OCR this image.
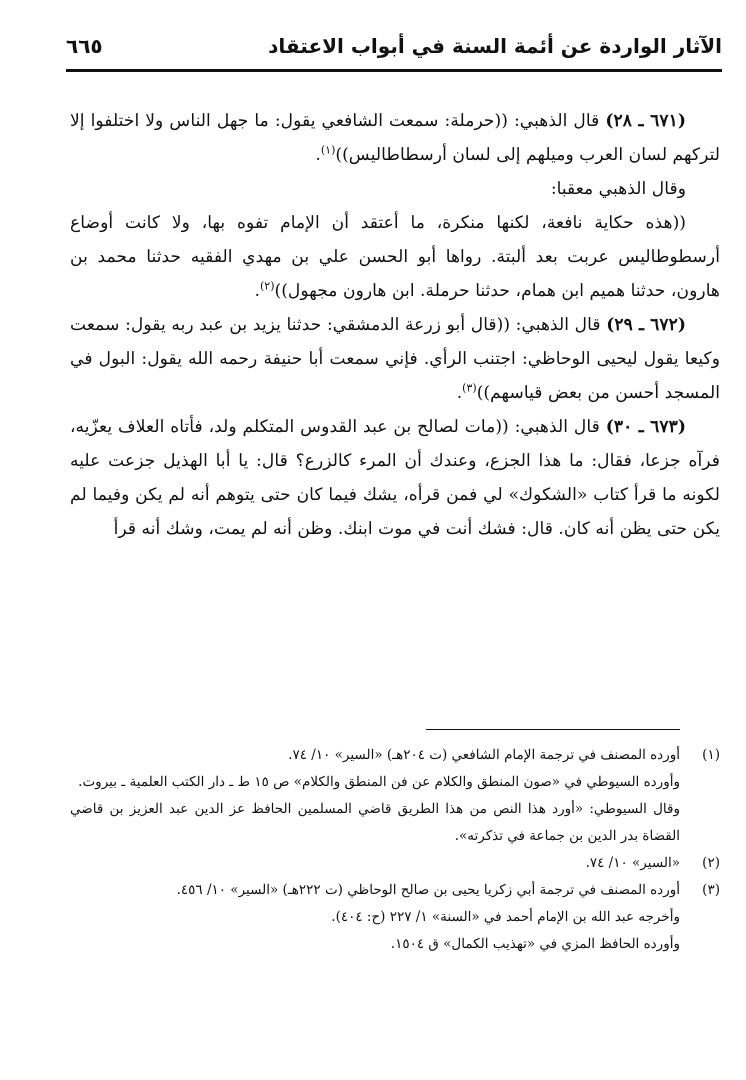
الآثار الواردة عن أئمة السنة في أبواب الاعتقاد
٦٦٥

(٦٧١ ـ ٢٨) قال الذهبي: ((حرملة: سمعت الشافعي يقول: ما جهل الناس ولا اختلفوا إلا لتركهم لسان العرب وميلهم إلى لسان أرسطاطاليس))$^{(١)}$.

وقال الذهبي معقبا:

((هذه حكاية نافعة، لكنها منكرة، ما أعتقد أن الإمام تفوه بها، ولا كانت أوضاع أرسطوطاليس عربت بعد ألبتة. رواها أبو الحسن علي بن مهدي الفقيه حدثنا محمد بن هارون، حدثنا هميم ابن همام، حدثنا حرملة. ابن هارون مجهول))$^{(٢)}$.

(٦٧٢ ـ ٢٩) قال الذهبي: ((قال أبو زرعة الدمشقي: حدثنا يزيد بن عبد ربه يقول: سمعت وكيعا يقول ليحيى الوحاظي: اجتنب الرأي. فإني سمعت أبا حنيفة رحمه الله يقول: البول في المسجد أحسن من بعض قياسهم))$^{(٣)}$.

(٦٧٣ ـ ٣٠) قال الذهبي: ((مات لصالح بن عبد القدوس المتكلم ولد، فأتاه العلاف يعزّيه، فرآه جزعا، فقال: ما هذا الجزع، وعندك أن المرء كالزرع؟ قال: يا أبا الهذيل جزعت عليه لكونه ما قرأ كتاب «الشكوك» لي فمن قرأه، يشك فيما كان حتى يتوهم أنه لم يكن وفيما لم يكن حتى يظن أنه كان. قال: فشك أنت في موت ابنك. وظن أنه لم يمت، وشك أنه قرأ

(١)

أورده المصنف في ترجمة الإمام الشافعي (ت ٢٠٤هـ) «السير» ١٠/ ٧٤.

وأورده السيوطي في «صون المنطق والكلام عن فن المنطق والكلام» ص ١٥ ط ـ دار الكتب العلمية ـ بيروت.

وقال السيوطي: «أورد هذا النص من هذا الطريق قاضي المسلمين الحافظ عز الدين عبد العزيز بن قاضي القضاة بدر الدين بن جماعة في تذكرته».

(٢)

«السير» ١٠/ ٧٤.

(٣)

أورده المصنف في ترجمة أبي زكريا يحيى بن صالح الوحاظي (ت ٢٢٢هـ) «السير» ١٠/ ٤٥٦.

وأخرجه عبد الله بن الإمام أحمد في «السنة» ١/ ٢٢٧ (ح: ٤٠٤).

وأورده الحافظ المزي في «تهذيب الكمال» ق ١٥٠٤.
